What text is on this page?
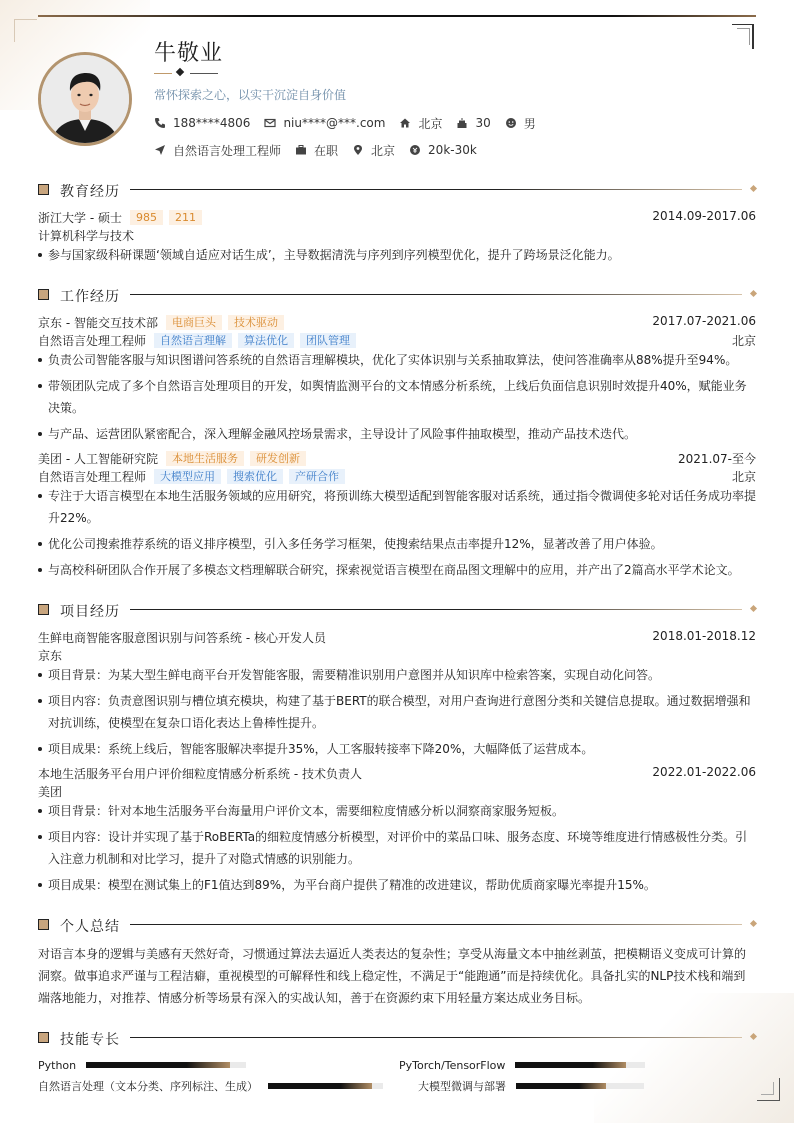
牛敬业
常怀探索之心，以实干沉淀自身价值
188****4806	niu****@***.com	北京	30	男
自然语言处理工程师	在职	北京	20k-30k
教育经历
浙江大学 - 硕士	985	211	2014.09-2017.06
计算机科学与技术
参与国家级科研课题‘领域自适应对话生成’，主导数据清洗与序列到序列模型优化，提升了跨场景泛化能力。
工作经历
京东 - 智能交互技术部	电商巨头	技术驱动	2017.07-2021.06
自然语言处理工程师	自然语言理解	算法优化	团队管理	北京
负责公司智能客服与知识图谱问答系统的自然语言理解模块，优化了实体识别与关系抽取算法，使问答准确率从88%提升至94%。
带领团队完成了多个自然语言处理项目的开发，如舆情监测平台的文本情感分析系统，上线后负面信息识别时效提升40%，赋能业务决策。
与产品、运营团队紧密配合，深入理解金融风控场景需求，主导设计了风险事件抽取模型，推动产品技术迭代。
美团 - 人工智能研究院	本地生活服务	研发创新	2021.07-至今
自然语言处理工程师	大模型应用	搜索优化	产研合作	北京
专注于大语言模型在本地生活服务领域的应用研究，将预训练大模型适配到智能客服对话系统，通过指令微调使多轮对话任务成功率提升22%。
优化公司搜索推荐系统的语义排序模型，引入多任务学习框架，使搜索结果点击率提升12%，显著改善了用户体验。
与高校科研团队合作开展了多模态文档理解联合研究，探索视觉语言模型在商品图文理解中的应用，并产出了2篇高水平学术论文。
项目经历
生鲜电商智能客服意图识别与问答系统 - 核心开发人员	2018.01-2018.12
京东
项目背景：为某大型生鲜电商平台开发智能客服，需要精准识别用户意图并从知识库中检索答案，实现自动化问答。
项目内容：负责意图识别与槽位填充模块，构建了基于BERT的联合模型，对用户查询进行意图分类和关键信息提取。通过数据增强和对抗训练，使模型在复杂口语化表达上鲁棒性提升。
项目成果：系统上线后，智能客服解决率提升35%，人工客服转接率下降20%，大幅降低了运营成本。
本地生活服务平台用户评价细粒度情感分析系统 - 技术负责人	2022.01-2022.06
美团
项目背景：针对本地生活服务平台海量用户评价文本，需要细粒度情感分析以洞察商家服务短板。
项目内容：设计并实现了基于RoBERTa的细粒度情感分析模型，对评价中的菜品口味、服务态度、环境等维度进行情感极性分类。引入注意力机制和对比学习，提升了对隐式情感的识别能力。
项目成果：模型在测试集上的F1值达到89%，为平台商户提供了精准的改进建议，帮助优质商家曝光率提升15%。
个人总结
对语言本身的逻辑与美感有天然好奇，习惯通过算法去逼近人类表达的复杂性；享受从海量文本中抽丝剥茧，把模糊语义变成可计算的洞察。做事追求严谨与工程洁癖，重视模型的可解释性和线上稳定性，不满足于“能跑通”而是持续优化。具备扎实的NLP技术栈和端到端落地能力，对推荐、情感分析等场景有深入的实战认知，善于在资源约束下用轻量方案达成业务目标。
技能专长
Python	PyTorch/TensorFlow
自然语言处理（文本分类、序列标注、生成）	大模型微调与部署
